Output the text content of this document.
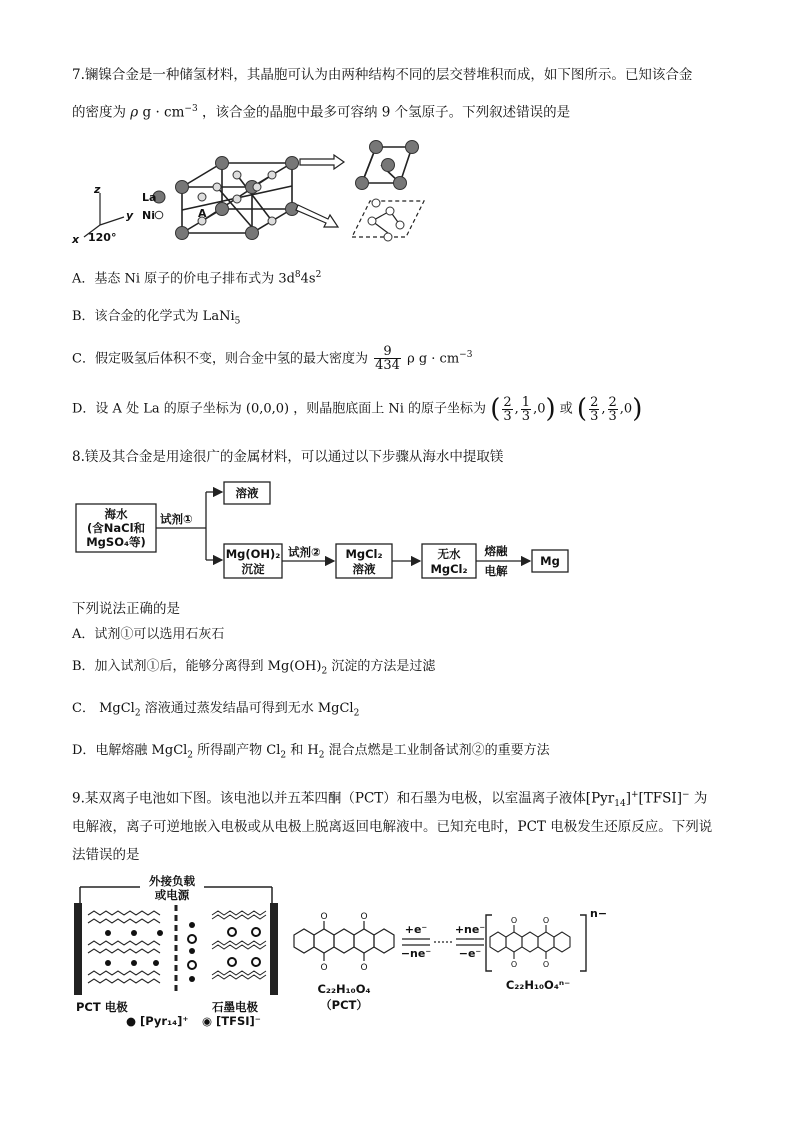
7.镧镍合金是一种储氢材料，其晶胞可认为由两种结构不同的层交替堆积而成，如下图所示。已知该合金
的密度为 ρ $g \cdot cm^{-3}$ ，该合金的晶胞中最多可容纳 9 个氢原子。下列叙述错误的是
La
Ni	A
z
y
x 120°
A．基态 Ni 原子的价电子排布式为 $3d^84s^2$
B．该合金的化学式为 LaNi$_5$
C．假定吸氢后体积不变，则合金中氢的最大密度为 $\frac{9}{434}$ ρ $g \cdot cm^{-3}$
D．设 A 处 La 的原子坐标为 (0,0,0) ，则晶胞底面上 Ni 的原子坐标为 ( $\frac{2}{3}$ , $\frac{1}{3} ,0$) 或 ( $\frac{2}{3}$ , $\frac{2}{3} ,0$)
8.镁及其合金是用途很广的金属材料，可以通过以下步骤从海水中提取镁
海水
(含NaCl和
MgSO₄等)
试剂①
溶液
Mg(OH)₂
沉淀
试剂② MgCl₂
溶液
无水
MgCl₂
熔融
电解
Mg
下列说法正确的是
A．试剂①可以选用石灰石
B．加入试剂①后，能够分离得到 $Mg(OH)_2$ 沉淀的方法是过滤
C． MgCl$_2$ 溶液通过蒸发结晶可得到无水 MgCl$_2$
D．电解熔融 MgCl$_2$ 所得副产物 $Cl_2$ 和 $H_2$ 混合点燃是工业制备试剂②的重要方法
9.某双离子电池如下图。该电池以并五苯四酮（PCT）和石墨为电极，以室温离子液体[Pyr$_{14}$]+[TFSI]− 为
电解液，离子可逆地嵌入电极或从电极上脱离返回电解液中。已知充电时，PCT 电极发生还原反应。下列说
法错误的是
外接负载
或电源
PCT 电极	石墨电极
● [Pyr₁₄]⁺ ◉ [TFSI]⁻
O
O
O
O
C₂₂H₁₀O₄
（PCT）
+e⁻
−ne⁻
+ne⁻
−e⁻
O
O
O
O
n−
C₂₂H₁₀O₄ⁿ⁻
